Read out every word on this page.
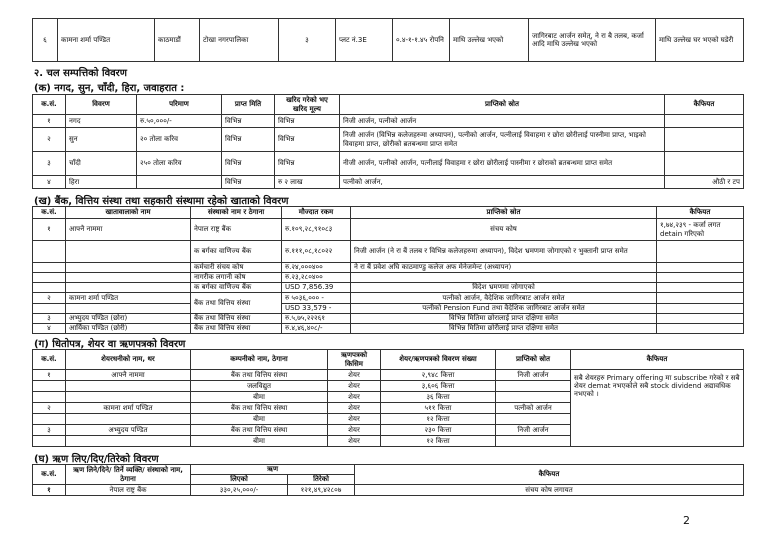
६	कामना शर्मा पण्डित	काठमाडौं	टोखा नगरपालिका	३	प्लट नं.3E	०.४-१-१.४५ रोपनि	माथि उल्लेख भएको	जागिरबाट आर्जन समेत्, ने रा बै तलब, कर्जा आदि माथि उल्लेख भएको	माथि उल्लेख घर भएको घडेरी
२. चल सम्पत्तिको विवरण
(क) नगद, सुन, चाँदी, हिरा, जवाहरात :
क.सं.	विवरण	परिमाण	प्राप्त मिति	खरिद गरेको भए खरिद मूल्य	प्राप्तिको स्रोत	कैफियत
१	नगद	रु.५०,०००/-	विभिन्न	विभिन्न	निजी आर्जन, पत्नीको आर्जन	
२	सुन	२० तोला करिव	विभिन्न	विभिन्न	निजी आर्जन (विभिन्न कलेजहरुमा अध्यापन), पत्नीको आर्जन, पत्नीलाई विवाहमा र छोरा छोरीलाई पास्नीमा प्राप्त, भाइको विवाहमा प्राप्त, छोरीको ब्रतबन्धमा प्राप्त समेत	
३	चाँदी	२५० तोला करिव	विभिन्न	विभिन्न	नीजी आर्जन, पत्नीको आर्जन, पत्नीलाई विवाहमा र छोरा छोरीलाई पास्नीमा र छोराको ब्रतबन्धमा प्राप्त समेत	
४	हिरा		विभिन्न	रु २ लाख	पत्नीको आर्जन,	औठी र टप
(ख) बैंक, वित्तिय संस्था तथा सहकारी संस्थामा रहेको खाताको विवरण
क.सं.	खातावालाको नाम	संस्थाको नाम र ठेगाना	मौज्दात रकम	प्राप्तिको स्रोत	कैफियत
१	आफ्नै नाममा	नेपाल राष्ट्र बैंक	रु.१०९,२८,९१०८३	संचय कोष	१,७४,२३९ - कर्जा लगत detain गरिएको
		क बर्गका वाणिज्य बैंक	रु.१११,०८,१८०२२	निजी आर्जन (ने रा बैं तलब र विभिन्न कलेजहरुमा अध्यापन), विदेश भ्रमणमा जोगाएको र भुक्तानी प्राप्त समेत	
		कर्मचारी संचय कोष	रु.२४,०००४००	ने रा बैं प्रवेश अघि काठमाण्डु कलेज अफ मेनेजमेन्ट (अध्यापन)	
		नागरीक लगानी कोष	रु.२३,२८०४००		
		क बर्गका वाणिज्य बैंक	USD 7,856.39	विदेश भ्रमणमा जोगाएको	
२	कामना शर्मा पण्डित	बैंक तथा वित्तिय संस्था	रु ५०३६,००० -	पत्नीको आर्जन, वैदेशिक जागिरबाट आर्जन समेत	
			USD 33,579 -	पत्नीको Pension Fund तथा वैदेशिक जागिरबाट आर्जन समेत	
३	अभ्युदय पण्डित (छोरा)	बैंक तथा वित्तिय संस्था	रु.५,७५,२२२६१	विभिन्न मितिमा छोरालाई प्राप्त दक्षिणा समेत	
४	आर्यिका पण्डित (छोरी)	बैंक तथा वित्तिय संस्था	रु.४,४६,४०८/-	विभिन्न मितिमा छोरीलाई प्राप्त दक्षिणा समेत	
(ग) धितोपत्र, शेयर वा ऋणपत्रको विवरण
क.सं.	शेयरधनीको नाम, थर	कम्पनीको नाम, ठेगाना	ऋणपत्रको किसिम	शेयर/ऋणपत्रको विवरण संख्या	प्राप्तिको स्रोत	कैफियत
१	आफ्नै नाममा	बैंक तथा वित्तिय संस्था	शेयर	२,९४८ कित्ता	निजी आर्जन	सबै शेयरहरु Primary offering मा subscribe गरेको र सबै शेयर demat नभएकोले सबै stock dividend अद्यावधिक नभएको ।
		जलविद्युत	शेयर	३,६०६ कित्ता		
		बीमा	शेयर	३६ कित्ता		
२	कामना शर्मा पण्डित	बैंक तथा वित्तिय संस्था	शेयर	५११ कित्ता	पत्नीको आर्जन	
		बीमा	शेयर	१२ कित्ता		
३	अभ्युदय पण्डित	बैंक तथा वित्तिय संस्था	शेयर	२३० कित्ता	निजी आर्जन	
		बीमा	शेयर	१२ कित्ता		
(घ) ऋण लिए/दिए/तिरेको विवरण
क.सं.	ऋण लिने/दिने/ तिर्ने व्यक्ति/ संस्थाको नाम, ठेगाना	ऋण		कैफियत
		लिएको	तिरेको	
१	नेपाल राष्ट्र बैंक	३३०,२५,०००/-	१२१,४९,४२८०७	संचय कोष लगायत
2
